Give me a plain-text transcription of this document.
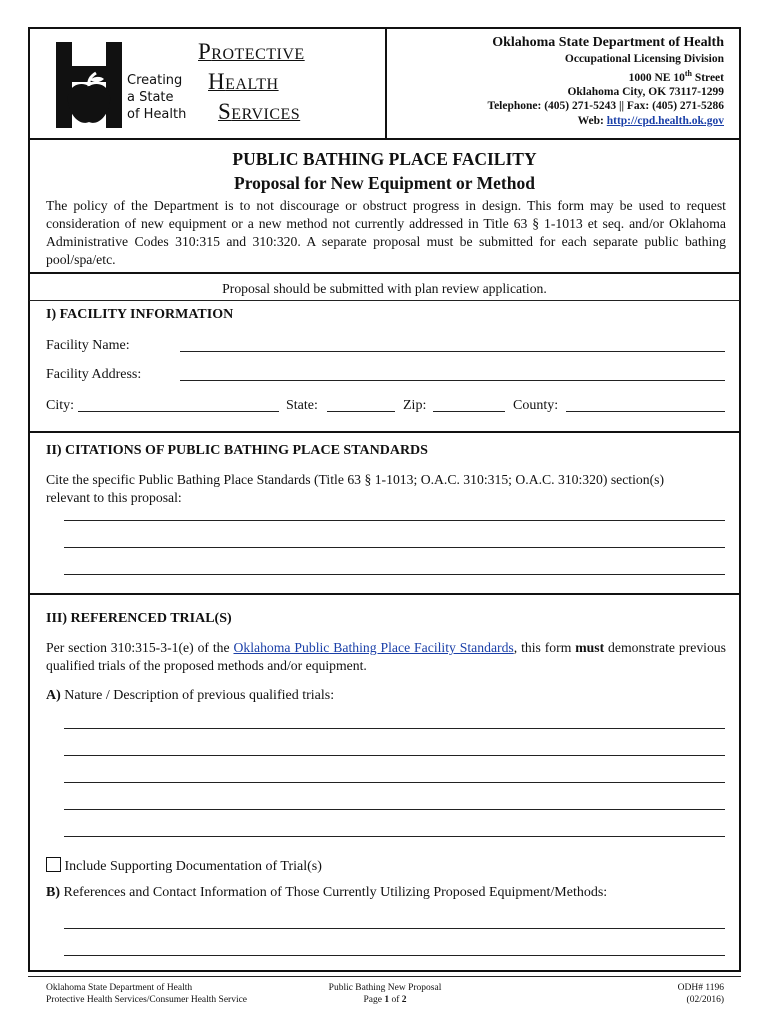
Creating
a State
of Health
PROTECTIVE
HEALTH
SERVICES
Oklahoma State Department of Health
Occupational Licensing Division
1000 NE 10th Street
Oklahoma City, OK 73117-1299
Telephone: (405) 271-5243 || Fax: (405) 271-5286
Web: http://cpd.health.ok.gov
PUBLIC BATHING PLACE FACILITY
Proposal for New Equipment or Method
The policy of the Department is to not discourage or obstruct progress in design. This form may be used to request consideration of new equipment or a new method not currently addressed in Title 63 § 1-1013 et seq. and/or Oklahoma Administrative Codes 310:315 and 310:320. A separate proposal must be submitted for each separate public bathing pool/spa/etc.
Proposal should be submitted with plan review application.
I) FACILITY INFORMATION
Facility Name:
Facility Address:
City:	State:	Zip:	County:
II) CITATIONS OF PUBLIC BATHING PLACE STANDARDS
Cite the specific Public Bathing Place Standards (Title 63 § 1-1013; O.A.C. 310:315; O.A.C. 310:320) section(s) relevant to this proposal:
III) REFERENCED TRIAL(S)
Per section 310:315-3-1(e) of the Oklahoma Public Bathing Place Facility Standards, this form must demonstrate previous qualified trials of the proposed methods and/or equipment.
A) Nature / Description of previous qualified trials:
Include Supporting Documentation of Trial(s)
B) References and Contact Information of Those Currently Utilizing Proposed Equipment/Methods:
Oklahoma State Department of Health
Protective Health Services/Consumer Health Service
Public Bathing New Proposal
Page 1 of 2
ODH# 1196
(02/2016)
